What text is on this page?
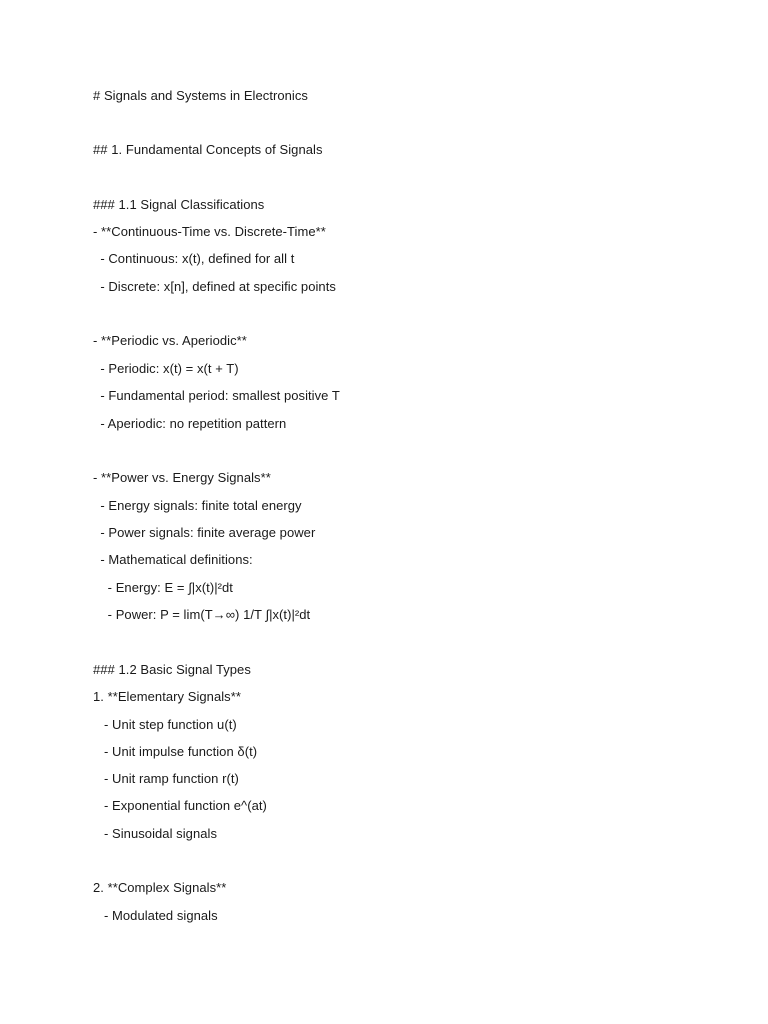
# Signals and Systems in Electronics
## 1. Fundamental Concepts of Signals
### 1.1 Signal Classifications
- **Continuous-Time vs. Discrete-Time**
- Continuous: x(t), defined for all t
- Discrete: x[n], defined at specific points
- **Periodic vs. Aperiodic**
- Periodic: x(t) = x(t + T)
- Fundamental period: smallest positive T
- Aperiodic: no repetition pattern
- **Power vs. Energy Signals**
- Energy signals: finite total energy
- Power signals: finite average power
- Mathematical definitions:
- Energy: E = ∫|x(t)|²dt
- Power: P = lim(T→∞) 1/T ∫|x(t)|²dt
### 1.2 Basic Signal Types
1. **Elementary Signals**
- Unit step function u(t)
- Unit impulse function δ(t)
- Unit ramp function r(t)
- Exponential function e^(at)
- Sinusoidal signals
2. **Complex Signals**
- Modulated signals
